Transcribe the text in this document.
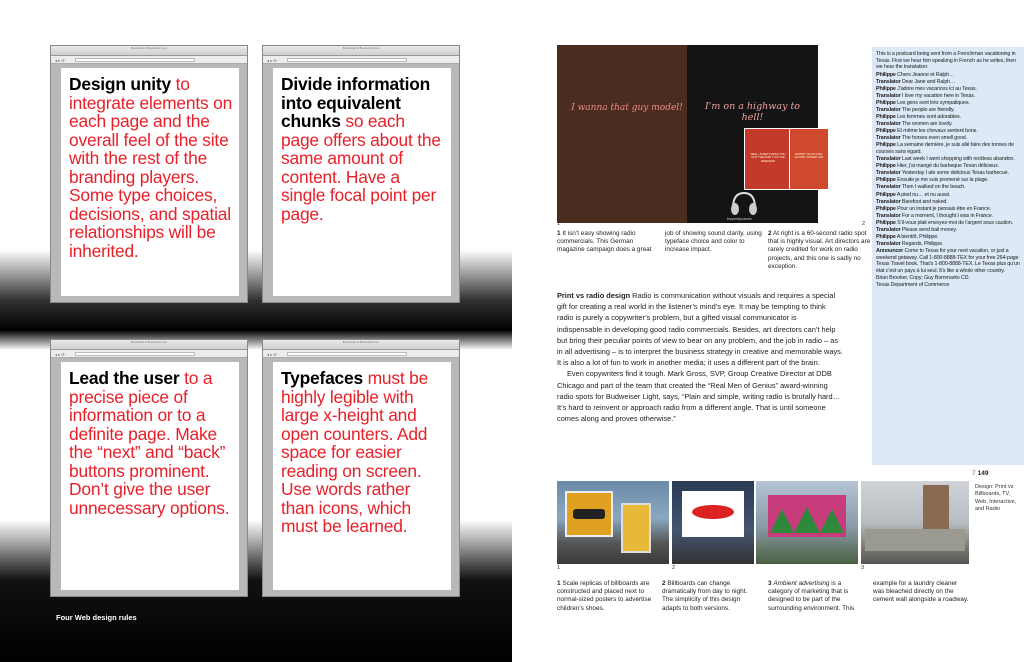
Bookshelf & Bookshelf.com
◂ ▸ ⟳
Design unity to integrate elements on each page and the overall feel of the site with the rest of the branding players. Some type choices, decisions, and spatial relationships will be inherited.
Bookshelf & Bookshelf.com
◂ ▸ ⟳
Divide information into equivalent chunks so each page offers about the same amount of content. Have a single focal point per page.
Bookshelf & Bookshelf.com
◂ ▸ ⟳
Lead the user to a precise piece of information or to a definite page. Make the “next” and “back” buttons prominent. Don’t give the user unnecessary options.
Bookshelf & Bookshelf.com
◂ ▸ ⟳
Typefaces must be highly legible with large x-height and open counters. Add space for easier reading on screen. Use words rather than icons, which must be learned.
Four Web design rules
I wanna that guy model!	I'm on a highway to hell!
bayerdynamic
WELL, ALWAYS WISH YOU GOT THE PARTY ON THE WEEKEND
HOWDY, I'M ON FULL HOUSE TURNED OFF
1	2
1 It isn’t easy showing radio commercials. This German magazine campaign does a great job of showing sound clarity, using typeface choice and color to increase impact.
2 At right is a 60-second radio spot that is highly visual. Art directors are rarely credited for work on radio projects, and this one is sadly no exception.

Print vs radio design Radio is communication without visuals and requires a special gift for creating a real world in the listener’s mind’s eye. It may be tempting to think radio is purely a copywriter’s problem, but a gifted visual communicator is indispensable in developing good radio commercials. Besides, art directors can’t help but bring their peculiar points of view to bear on any problem, and the job in radio – as in all advertising – is to interpret the business strategy in creative and memorable ways. It is also a lot of fun to work in another media; it uses a different part of the brain.

Even copywriters find it tough. Mark Gross, SVP, Group Creative Director at DDB Chicago and part of the team that created the “Real Men of Genius” award-winning radio spots for Budweiser Light, says, “Plain and simple, writing radio is brutally hard… It’s hard to reinvent or approach radio from a different angle. That is until someone comes along and proves otherwise.”

This is a postcard being sent from a Frenchman vacationing in Texas. First we hear him speaking in French as he writes, then we hear the translation:
Philippe Chers Jeanne et Ralph…
Translator Dear Jane and Ralph…
Philippe J’adore mes vacances ici au Texas.
Translator I love my vacation here in Texas.
Philippe Les gens sont très sympatiques.
Translator The people are friendly.
Philippe Les femmes sont adorables.
Translator The women are lovely.
Philippe Et même les chevaux sentent bons.
Translator The horses even smell good.
Philippe La semaine dernière, je suis allé faire des tonnes de courses sans égard.
Translator Last week I went shopping with reckless abandon.
Philippe Hier, j’ai mangé du barbeque Texan délicieux.
Translator Yesterday I ate some delicious Texas barbecue.
Philippe Ensuite je me suis promené sur la plage.
Translator Then I walked on the beach.
Philippe A pied nu… et nu aussi.
Translator Barefoot and naked.
Philippe Pour un instant je pensais être en France.
Translator For a moment, I thought I was in France.
Philippe S’il-vous plait envoyez-moi de l’argent sous caution.
Translator Please send bail money.
Philippe A bientôt, Philippe.
Translator Regards, Philippe.
Announcer Come to Texas for your next vacation, or just a weekend getaway. Call 1-800-8888-TEX for your free 264-page Texas Travel book. That’s 1-800-8888-TEX. Le Texas plus qu’un état c’est un pays à lui seul. It’s like a whole other country.
Brian Brooker, Copy; Guy Bommarito CD.
Texas Department of Commerce
7 149
Design: Print vs Billboards, TV, Web, Interactive, and Radio
1	2	3
1 Scale replicas of billboards are constructed and placed next to normal-sized posters to advertise children’s shoes.
2 Billboards can change dramatically from day to night. The simplicity of this design adapts to both versions.
3 Ambient advertising is a category of marketing that is designed to be part of the surrounding environment. This
example for a laundry cleaner was bleached directly on the cement wall alongside a roadway.
